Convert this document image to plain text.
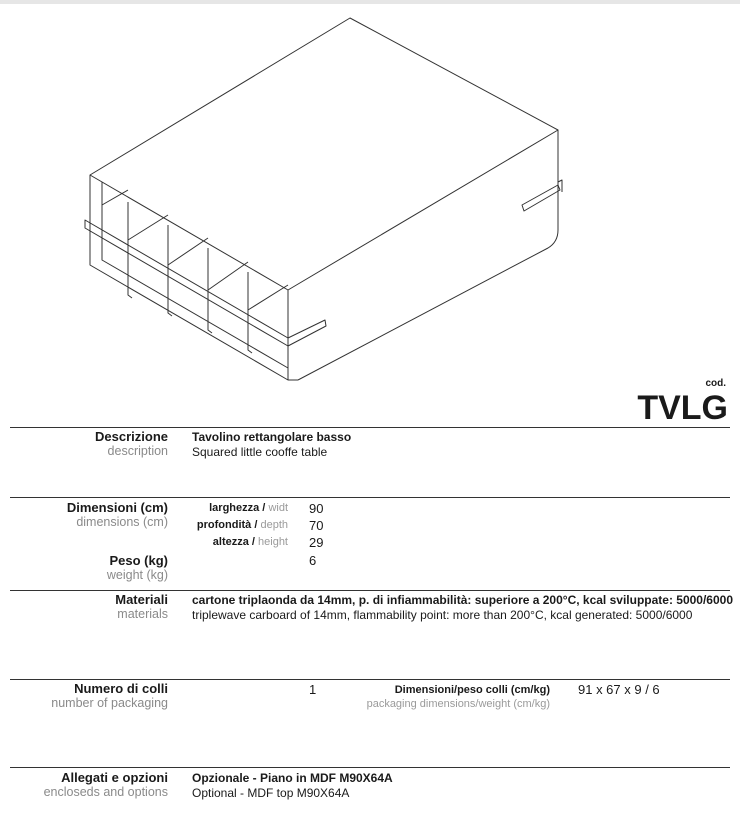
cod.
TVLG
Descrizione
description
Tavolino rettangolare basso
Squared little cooffe table
Dimensioni (cm)
dimensions (cm)
larghezza / widt 90
profondità / depth 70
altezza / height 29
Peso (kg)
weight (kg)
6
Materiali
materials
cartone triplaonda da 14mm, p. di infiammabilità: superiore a 200°C, kcal sviluppate: 5000/6000
triplewave carboard of 14mm, flammability point: more than 200°C, kcal generated: 5000/6000
Numero di colli
number of packaging
1	Dimensioni/peso colli (cm/kg)
packaging dimensions/weight (cm/kg)
91 x 67 x 9 / 6
Allegati e opzioni
encloseds and options
Opzionale - Piano in MDF M90X64A
Optional - MDF top M90X64A
